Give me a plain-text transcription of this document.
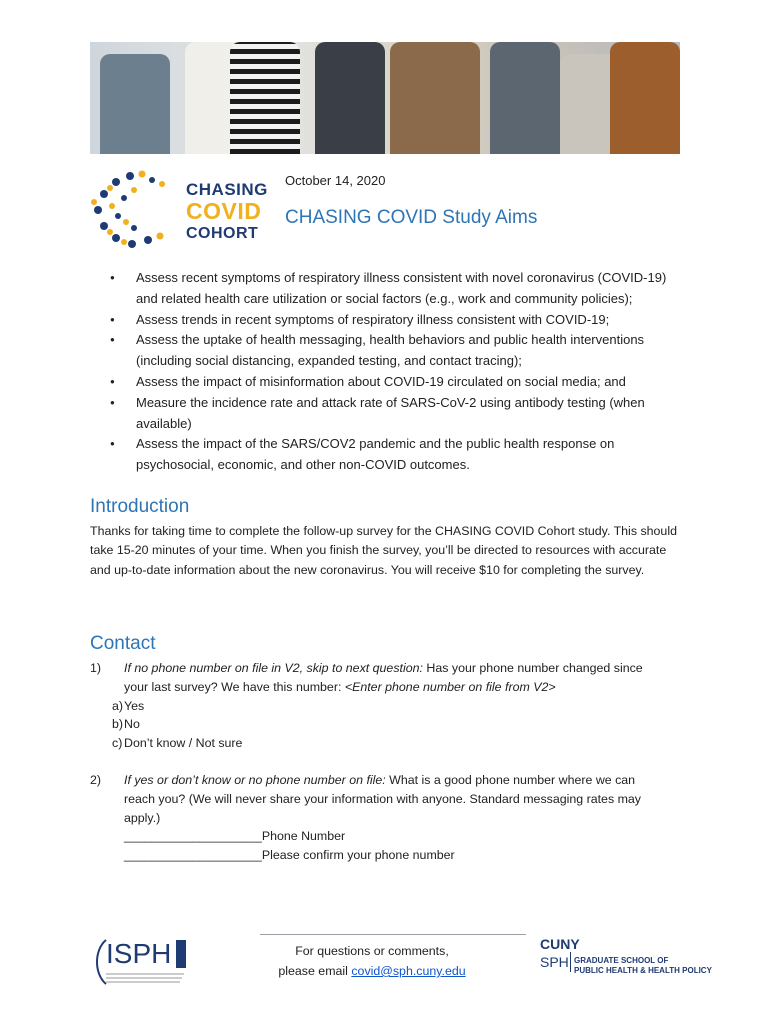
CHASING
COVID
COHORT
October 14, 2020
CHASING COVID Study Aims
● Assess recent symptoms of respiratory illness consistent with novel coronavirus (COVID-19) and related health care utilization or social factors (e.g., work and community policies);
● Assess trends in recent symptoms of respiratory illness consistent with COVID-19;
● Assess the uptake of health messaging, health behaviors and public health interventions (including social distancing, expanded testing, and contact tracing);
● Assess the impact of misinformation about COVID-19 circulated on social media; and
● Measure the incidence rate and attack rate of SARS-CoV-2 using antibody testing (when available)
● Assess the impact of the SARS/COV2 pandemic and the public health response on psychosocial, economic, and other non-COVID outcomes.
Introduction
Thanks for taking time to complete the follow-up survey for the CHASING COVID Cohort study. This should take 15-20 minutes of your time. When you finish the survey, you’ll be directed to resources with accurate and up-to-date information about the new coronavirus. You will receive $10 for completing the survey.
Contact
1) If no phone number on file in V2, skip to next question: Has your phone number changed since your last survey? We have this number: <Enter phone number on file from V2>
a) Yes
b) No
c) Don’t know / Not sure
2) If yes or don’t know or no phone number on file: What is a good phone number where we can reach you? (We will never share your information with anyone. Standard messaging rates may apply.)
____________________Phone Number
____________________Please confirm your phone number
For questions or comments,
please email covid@sph.cuny.edu
ISPH	CUNY
SPH GRADUATE SCHOOL OF
PUBLIC HEALTH & HEALTH POLICY
